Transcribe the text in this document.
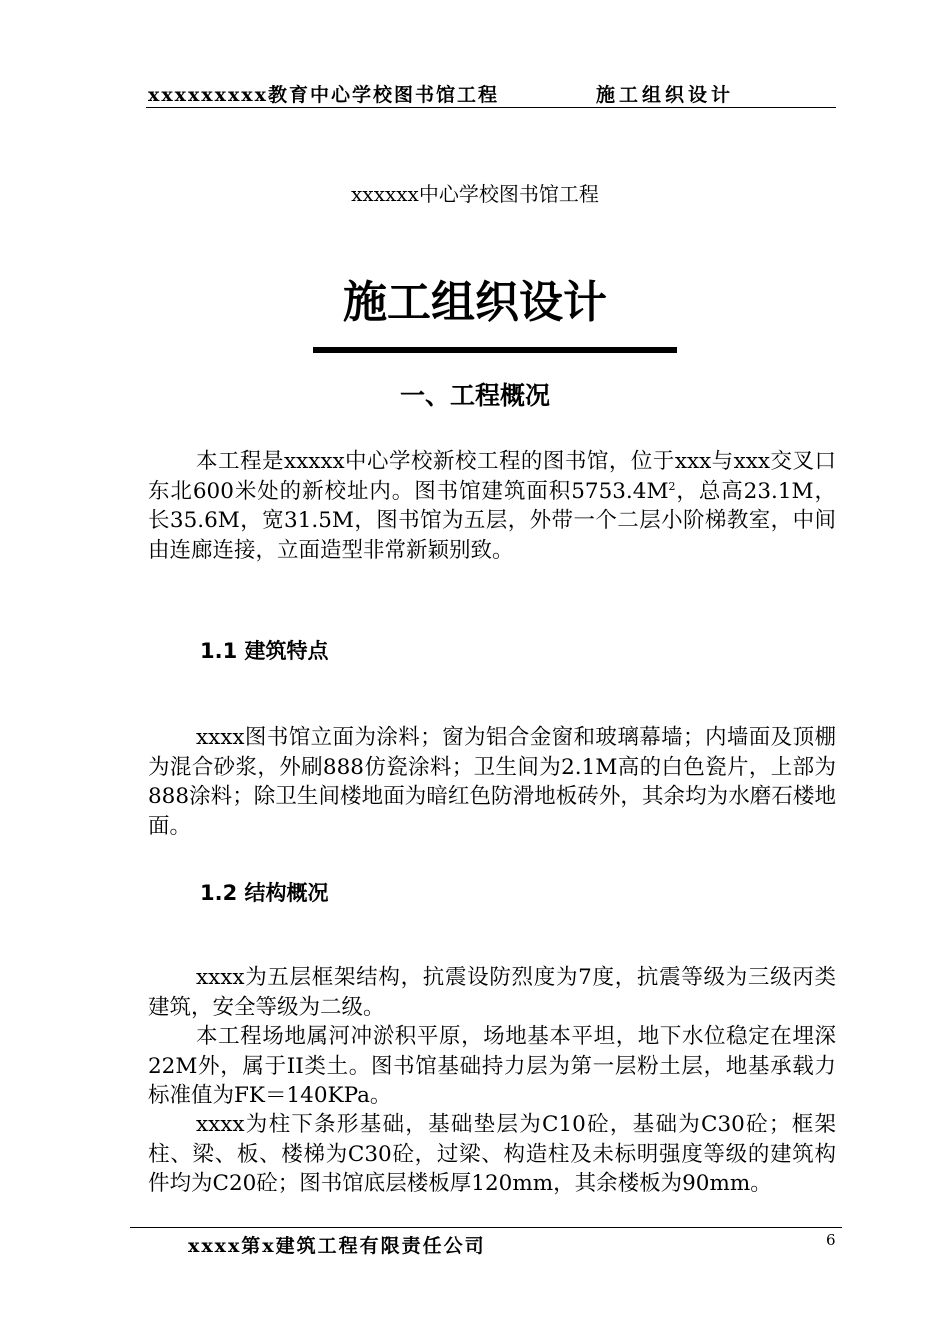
xxxxxxxxx教育中心学校图书馆工程	施工组织设计
xxxxxx中心学校图书馆工程
施工组织设计
一、工程概况

本工程是xxxxx中心学校新校工程的图书馆，位于xxx与xxx交叉口东北600米处的新校址内。图书馆建筑面积$5753.4M^2$，总高23.1M，长35.6M，宽31.5M，图书馆为五层，外带一个二层小阶梯教室，中间由连廊连接，立面造型非常新颖别致。

1.1 建筑特点

xxxx图书馆立面为涂料；窗为铝合金窗和玻璃幕墙；内墙面及顶棚为混合砂浆，外刷888仿瓷涂料；卫生间为2.1M高的白色瓷片，上部为888涂料；除卫生间楼地面为暗红色防滑地板砖外，其余均为水磨石楼地面。

1.2 结构概况

xxxx为五层框架结构，抗震设防烈度为7度，抗震等级为三级丙类建筑，安全等级为二级。

本工程场地属河冲淤积平原，场地基本平坦，地下水位稳定在埋深22M外，属于II类土。图书馆基础持力层为第一层粉土层，地基承载力标准值为FK＝140KPa。

xxxx为柱下条形基础，基础垫层为C10砼，基础为C30砼；框架柱、梁、板、楼梯为C30砼，过梁、构造柱及未标明强度等级的建筑构件均为C20砼；图书馆底层楼板厚120mm，其余楼板为90mm。

xxxx第x建筑工程有限责任公司	6
